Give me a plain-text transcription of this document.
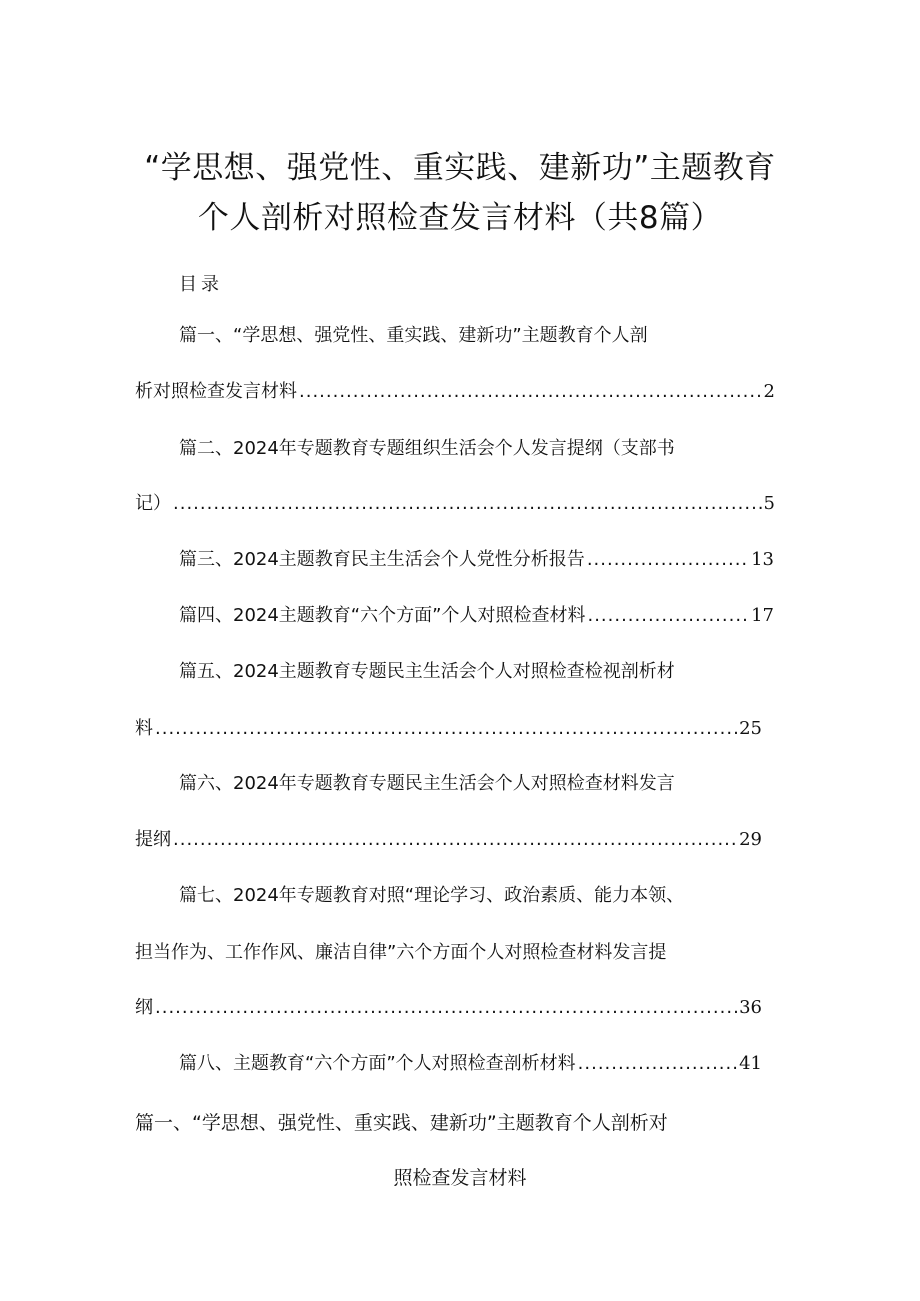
“学思想、强党性、重实践、建新功”主题教育
个人剖析对照检查发言材料（共8篇）
目录
篇一、“学思想、强党性、重实践、建新功”主题教育个人剖
析对照检查发言材料 .....	2
篇二、2024年专题教育专题组织生活会个人发言提纲（支部书
记） .....	5
篇三、2024主题教育民主生活会个人党性分析报告 .....	13
篇四、2024主题教育“六个方面”个人对照检查材料 .....	17
篇五、2024主题教育专题民主生活会个人对照检查检视剖析材
料 .....	25
篇六、2024年专题教育专题民主生活会个人对照检查材料发言
提纲 .....	29
篇七、2024年专题教育对照“理论学习、政治素质、能力本领、
担当作为、工作作风、廉洁自律”六个方面个人对照检查材料发言提
纲 .....	36
篇八、主题教育“六个方面”个人对照检查剖析材料 .....	41
篇一、“学思想、强党性、重实践、建新功”主题教育个人剖析对
照检查发言材料
